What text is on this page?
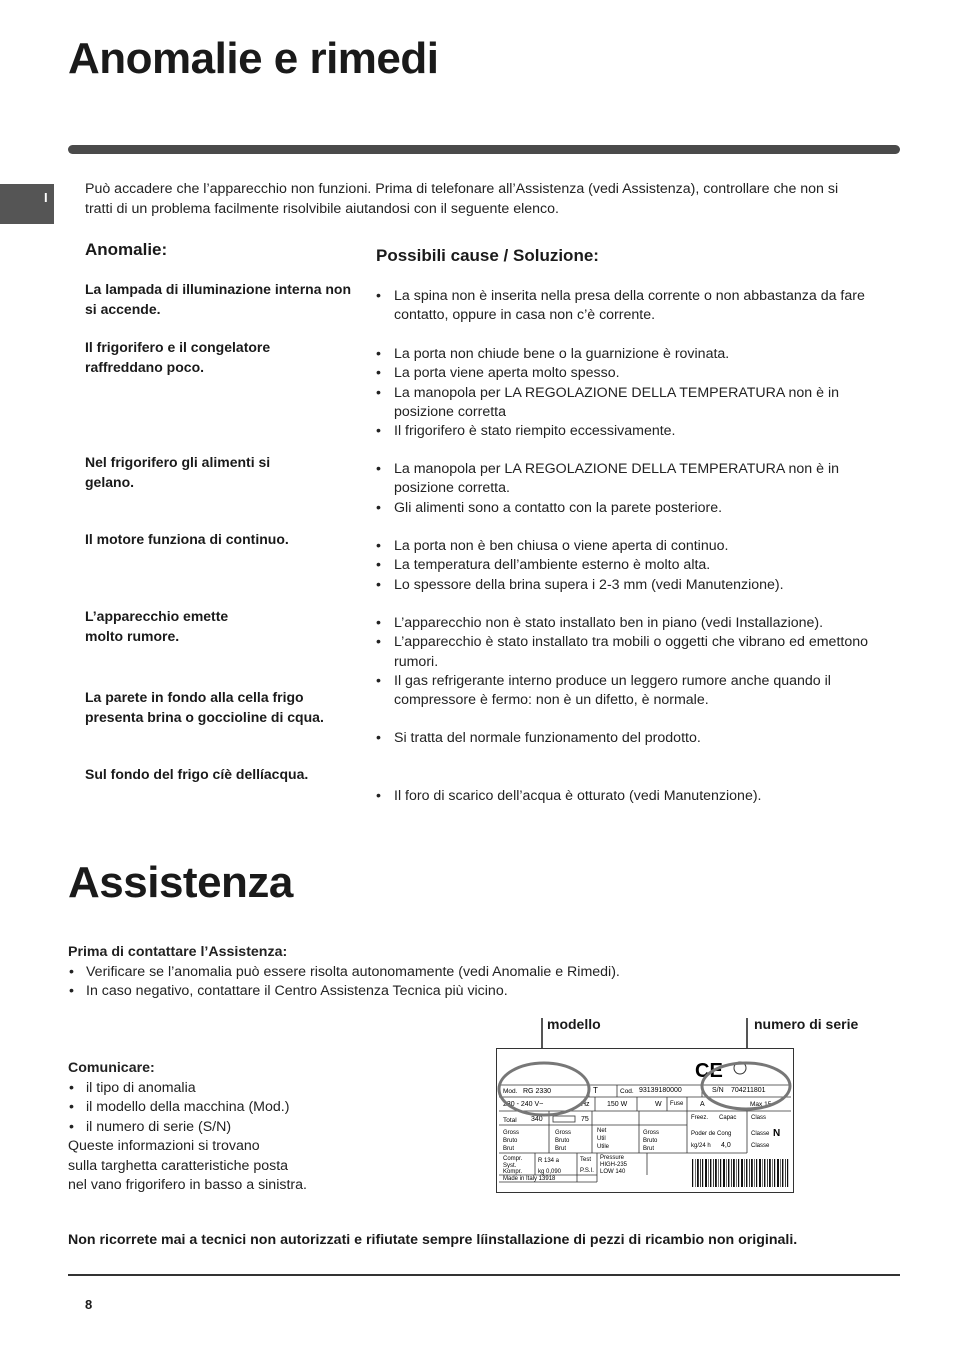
Anomalie e rimedi
I
Può accadere che l’apparecchio non funzioni. Prima di telefonare all’Assistenza (vedi Assistenza), controllare che non si tratti di un problema facilmente risolvibile aiutandosi con il seguente elenco.
Anomalie:	Possibili cause / Soluzione:
La lampada di illuminazione interna non si accende.
• La spina non è inserita nella presa della corrente o non abbastanza da fare contatto, oppure in casa non c’è corrente.
Il frigorifero e il congelatore raffreddano poco.
• La porta non chiude bene o la guarnizione è rovinata.
• La porta viene aperta molto spesso.
• La manopola per LA REGOLAZIONE DELLA TEMPERATURA non è in posizione corretta
• Il frigorifero è stato riempito eccessivamente.
Nel frigorifero gli alimenti si gelano.
• La manopola per LA REGOLAZIONE DELLA TEMPERATURA non è in posizione corretta.
• Gli alimenti sono a contatto con la parete posteriore.
Il motore funziona di continuo.
•	La porta non è ben chiusa o viene aperta di continuo.
• La temperatura dell’ambiente esterno è molto alta.
• Lo spessore della brina supera i 2-3 mm (vedi Manutenzione).
L’apparecchio emette molto rumore.
• L’apparecchio non è stato installato ben in piano (vedi Installazione).
• L’apparecchio è stato installato tra mobili o oggetti che vibrano ed emettono rumori.
• Il gas refrigerante interno produce un leggero rumore anche quando il compressore è fermo: non è un difetto, è normale.
La parete in fondo alla cella frigo presenta brina o goccioline di cqua.
• Si tratta del normale funzionamento del prodotto.
Sul fondo del frigo cíè dellíacqua.
• Il foro di scarico dell’acqua è otturato (vedi Manutenzione).
Assistenza
Prima di contattare l’Assistenza:
• Verificare se l’anomalia può essere risolta autonomamente (vedi Anomalie e Rimedi).
• In caso negativo, contattare il Centro Assistenza Tecnica più vicino.
Comunicare:
• il tipo di anomalia
• il modello della macchina (Mod.)
• il numero di serie (S/N)
Queste informazioni si trovano
sulla targhetta caratteristiche posta
nel vano frigorifero in basso a sinistra.
modello	numero di serie
Mod. RG 2330	T	Cod. 93139180000	S/N 704211801
230 - 240 V~	Hz 150 W	W Fuse A	Max 15
Total 340	75	Freez. Capac Class
Gross
Bruto
Brut
Gross
Bruto
Brut
Net
Util
Utile
Gross
Bruto
Brut
Poder de Cong
kg/24 h 4,0
Classe N
Classe
Compr.
Syst.
Kompr.
R 134 a
kg 0,090
Test
P.S.I.
Pressure
HIGH-235
LOW 140
Made in Italy 13918
CE
Non ricorrete mai a tecnici non autorizzati e rifiutate sempre líinstallazione di pezzi di ricambio non originali.
8
